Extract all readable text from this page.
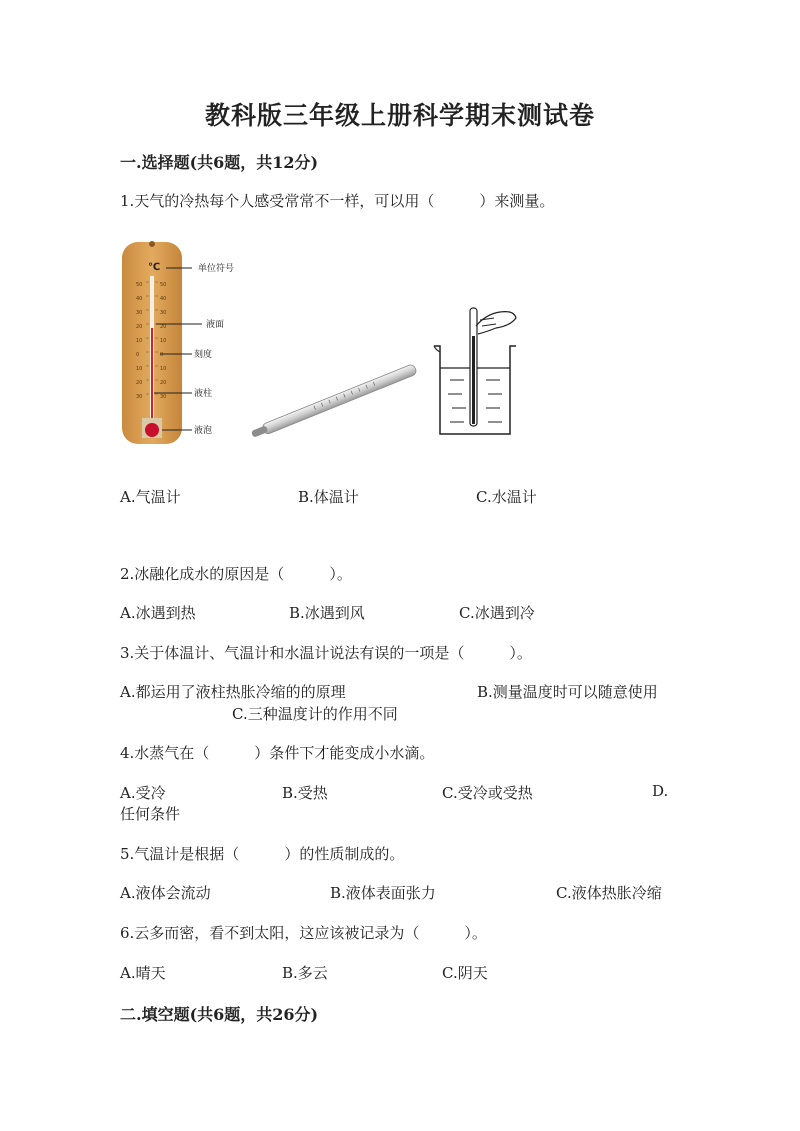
教科版三年级上册科学期末测试卷
一.选择题(共6题，共12分)
1.天气的冷热每个人感受常常不一样，可以用（　　　）来测量。
℃
50
40
30
20
10
0
10
20
30
50
40
30
20
10
0
10
20
30
单位符号
液面
刻度
液柱
液泡
A.气温计	B.体温计	C.水温计
2.冰融化成水的原因是（　　　）。
A.冰遇到热	B.冰遇到风	C.冰遇到冷
3.关于体温计、气温计和水温计说法有误的一项是（　　　）。
A.都运用了液柱热胀冷缩的的原理	B.测量温度时可以随意使用
C.三种温度计的作用不同
4.水蒸气在（　　　）条件下才能变成小水滴。
A.受冷	B.受热	C.受冷或受热	D.
任何条件
5.气温计是根据（　　　）的性质制成的。
A.液体会流动	B.液体表面张力	C.液体热胀冷缩
6.云多而密，看不到太阳，这应该被记录为（　　　）。
A.晴天	B.多云	C.阴天
二.填空题(共6题，共26分)
